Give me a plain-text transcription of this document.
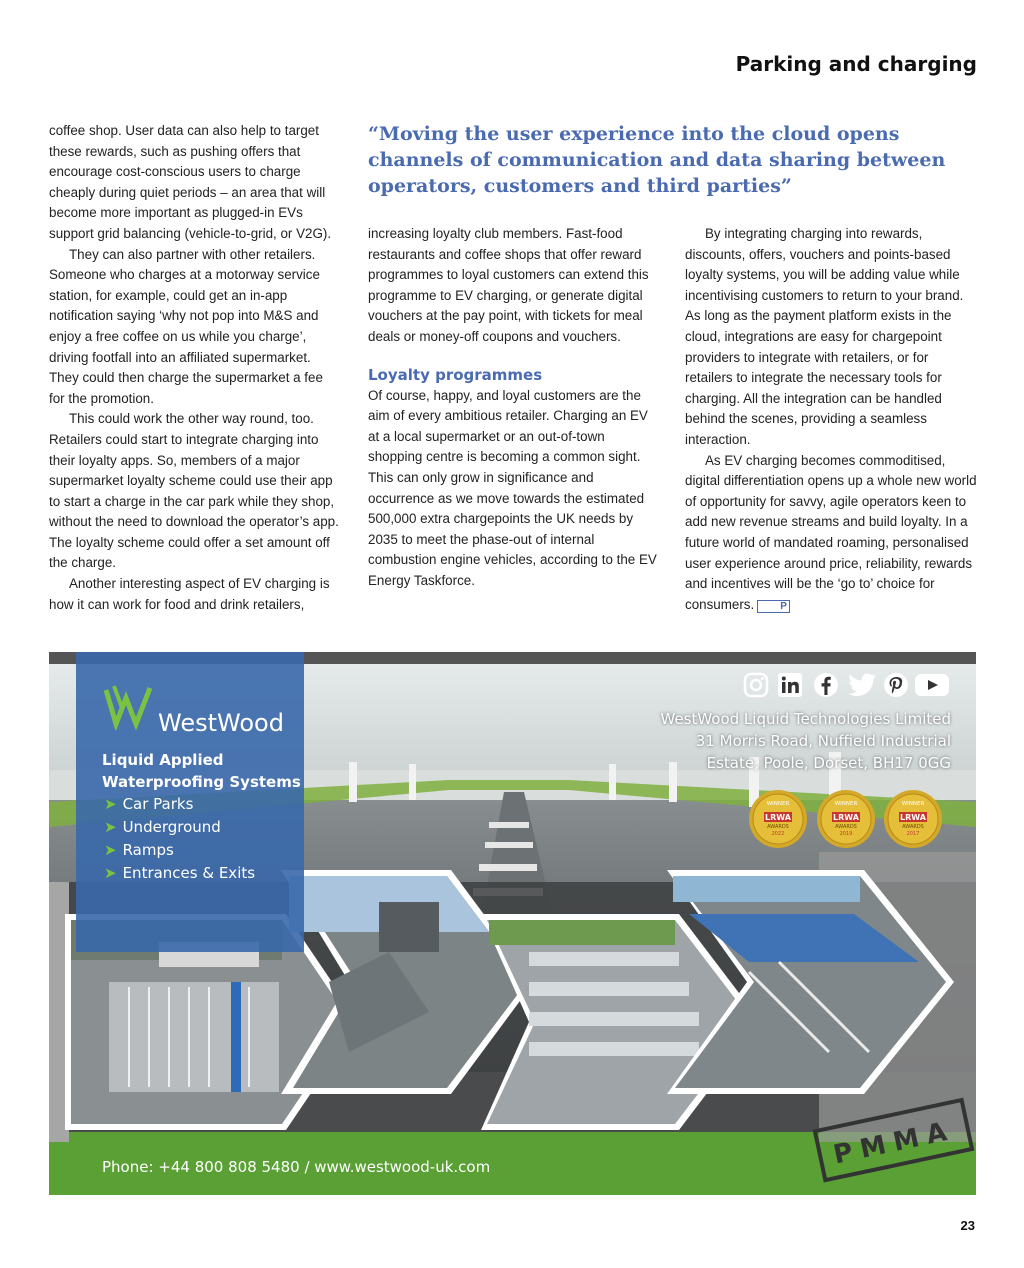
Parking and charging
“Moving the user experience into the cloud opens channels of communication and data sharing between operators, customers and third parties”

coffee shop. User data can also help to target these rewards, such as pushing offers that encourage cost-conscious users to charge cheaply during quiet periods – an area that will become more important as plugged-in EVs support grid balancing (vehicle-to-grid, or V2G).

They can also partner with other retailers. Someone who charges at a motorway service station, for example, could get an in-app notification saying ‘why not pop into M&S and enjoy a free coffee on us while you charge’, driving footfall into an affiliated supermarket. They could then charge the supermarket a fee for the promotion.

This could work the other way round, too. Retailers could start to integrate charging into their loyalty apps. So, members of a major supermarket loyalty scheme could use their app to start a charge in the car park while they shop, without the need to download the operator’s app. The loyalty scheme could offer a set amount off the charge.

Another interesting aspect of EV charging is how it can work for food and drink retailers,

increasing loyalty club members. Fast-food restaurants and coffee shops that offer reward programmes to loyal customers can extend this programme to EV charging, or generate digital vouchers at the pay point, with tickets for meal deals or money-off coupons and vouchers.

Loyalty programmes

Of course, happy, and loyal customers are the aim of every ambitious retailer. Charging an EV at a local supermarket or an out-of-town shopping centre is becoming a common sight. This can only grow in significance and occurrence as we move towards the estimated 500,000 extra chargepoints the UK needs by 2035 to meet the phase-out of internal combustion engine vehicles, according to the EV Energy Taskforce.

By integrating charging into rewards, discounts, offers, vouchers and points-based loyalty systems, you will be adding value while incentivising customers to return to your brand. As long as the payment platform exists in the cloud, integrations are easy for chargepoint providers to integrate with retailers, or for retailers to integrate the necessary tools for charging. All the integration can be handled behind the scenes, providing a seamless interaction.

As EV charging becomes commoditised, digital differentiation opens up a whole new world of opportunity for savvy, agile operators keen to add new revenue streams and build loyalty. In a future world of mandated roaming, personalised user experience around price, reliability, rewards and incentives will be the ‘go to’ choice for consumers.	P

PMMA
WestWood
Liquid Applied Waterproofing Systems
➤ Car Parks
➤ Underground
➤ Ramps
➤ Entrances & Exits
WestWood Liquid Technologies Limited
31 Morris Road, Nuffield Industrial
Estate, Poole, Dorset, BH17 0GG
WINNER
LRWA
AWARDS
2022
WINNER
LRWA
AWARDS
2019
WINNER
LRWA
AWARDS
2017
Phone: +44 800 808 5480 / www.westwood-uk.com
23
